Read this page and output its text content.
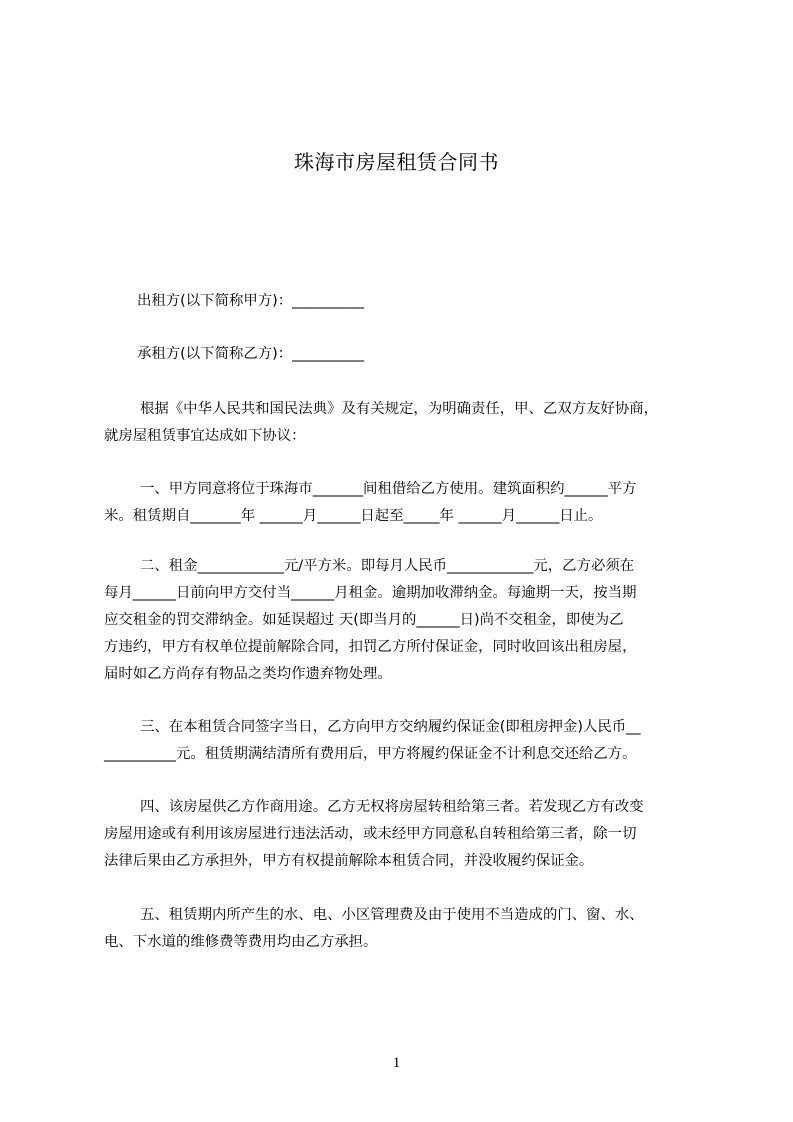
珠海市房屋租赁合同书
出租方(以下简称甲方)：__________
承租方(以下简称乙方)：__________
根据《中华人民共和国民法典》及有关规定，为明确责任，甲、乙双方友好协商，
就房屋租赁事宜达成如下协议：
一、甲方同意将位于珠海市_______间租借给乙方使用。建筑面积约______平方
米。租赁期自_______年 ______月______日起至_____年 ______月______日止。
二、租金____________元/平方米。即每月人民币____________元，乙方必须在
每月______日前向甲方交付当______月租金。逾期加收滞纳金。每逾期一天，按当期
应交租金的罚交滞纳金。如延误超过 天(即当月的______日)尚不交租金，即使为乙
方违约，甲方有权单位提前解除合同，扣罚乙方所付保证金，同时收回该出租房屋，
届时如乙方尚存有物品之类均作遗弃物处理。
三、在本租赁合同签字当日，乙方向甲方交纳履约保证金(即租房押金)人民币__
__________元。租赁期满结清所有费用后，甲方将履约保证金不计利息交还给乙方。
四、该房屋供乙方作商用途。乙方无权将房屋转租给第三者。若发现乙方有改变
房屋用途或有利用该房屋进行违法活动，或未经甲方同意私自转租给第三者，除一切
法律后果由乙方承担外，甲方有权提前解除本租赁合同，并没收履约保证金。
五、租赁期内所产生的水、电、小区管理费及由于使用不当造成的门、窗、水、
电、下水道的维修费等费用均由乙方承担。
1
